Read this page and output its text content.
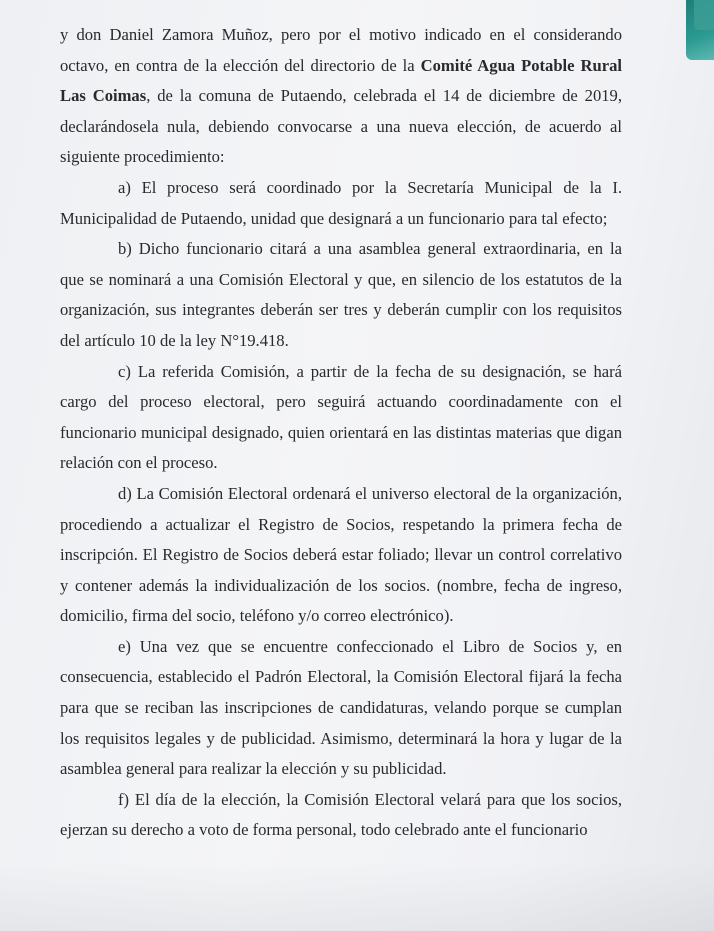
y don Daniel Zamora Muñoz, pero por el motivo indicado en el considerando octavo, en contra de la elección del directorio de la Comité Agua Potable Rural Las Coimas, de la comuna de Putaendo, celebrada el 14 de diciembre de 2019, declarándosela nula, debiendo convocarse a una nueva elección, de acuerdo al siguiente procedimiento:

a) El proceso será coordinado por la Secretaría Municipal de la I. Municipalidad de Putaendo, unidad que designará a un funcionario para tal efecto;

b) Dicho funcionario citará a una asamblea general extraordinaria, en la que se nominará a una Comisión Electoral y que, en silencio de los estatutos de la organización, sus integrantes deberán ser tres y deberán cumplir con los requisitos del artículo 10 de la ley N°19.418.

c) La referida Comisión, a partir de la fecha de su designación, se hará cargo del proceso electoral, pero seguirá actuando coordinadamente con el funcionario municipal designado, quien orientará en las distintas materias que digan relación con el proceso.

d) La Comisión Electoral ordenará el universo electoral de la organización, procediendo a actualizar el Registro de Socios, respetando la primera fecha de inscripción. El Registro de Socios deberá estar foliado; llevar un control correlativo y contener además la individualización de los socios. (nombre, fecha de ingreso, domicilio, firma del socio, teléfono y/o correo electrónico).

e) Una vez que se encuentre confeccionado el Libro de Socios y, en consecuencia, establecido el Padrón Electoral, la Comisión Electoral fijará la fecha para que se reciban las inscripciones de candidaturas, velando porque se cumplan los requisitos legales y de publicidad. Asimismo, determinará la hora y lugar de la asamblea general para realizar la elección y su publicidad.

f) El día de la elección, la Comisión Electoral velará para que los socios, ejerzan su derecho a voto de forma personal, todo celebrado ante el funcionario
